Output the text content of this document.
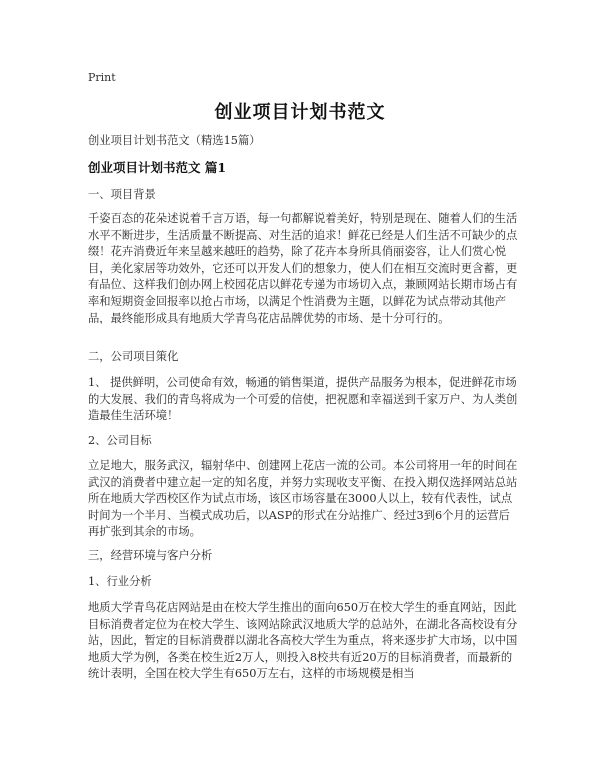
Print
创业项目计划书范文

创业项目计划书范文（精选15篇）

创业项目计划书范文 篇1

一、项目背景

千姿百态的花朵述说着千言万语，每一句都解说着美好，特别是现在、随着人们的生活水平不断进步，生活质量不断提高、对生活的追求！鲜花已经是人们生活不可缺少的点缀！花卉消费近年来呈越来越旺的趋势，除了花卉本身所具俏丽姿容，让人们赏心悦目，美化家居等功效外，它还可以开发人们的想象力，使人们在相互交流时更含蓄，更有品位、这样我们创办网上校园花店以鲜花专递为市场切入点，兼顾网站长期市场占有率和短期资金回报率以抢占市场，以满足个性消费为主题，以鲜花为试点带动其他产品，最终能形成具有地质大学青鸟花店品牌优势的市场、是十分可行的。

二，公司项目策化

1、 提供鲜明，公司使命有效，畅通的销售渠道，提供产品服务为根本，促进鲜花市场的大发展、我们的青鸟将成为一个可爱的信使，把祝愿和幸福送到千家万户、为人类创造最佳生活环境！

2、公司目标

立足地大，服务武汉，辐射华中、创建网上花店一流的公司。本公司将用一年的时间在武汉的消费者中建立起一定的知名度，并努力实现收支平衡、在投入期仅选择网站总站所在地质大学西校区作为试点市场，该区市场容量在3000人以上，较有代表性，试点时间为一个半月、当模式成功后，以ASP的形式在分站推广、经过3到6个月的运营后再扩张到其余的市场。

三，经营环境与客户分析

1、行业分析

地质大学青鸟花店网站是由在校大学生推出的面向650万在校大学生的垂直网站，因此目标消费者定位为在校大学生、该网站除武汉地质大学的总站外，在湖北各高校设有分站，因此，暂定的目标消费群以湖北各高校大学生为重点，将来逐步扩大市场，以中国地质大学为例，各类在校生近2万人，则投入8校共有近20万的目标消费者，而最新的统计表明，全国在校大学生有650万左右，这样的市场规模是相当
